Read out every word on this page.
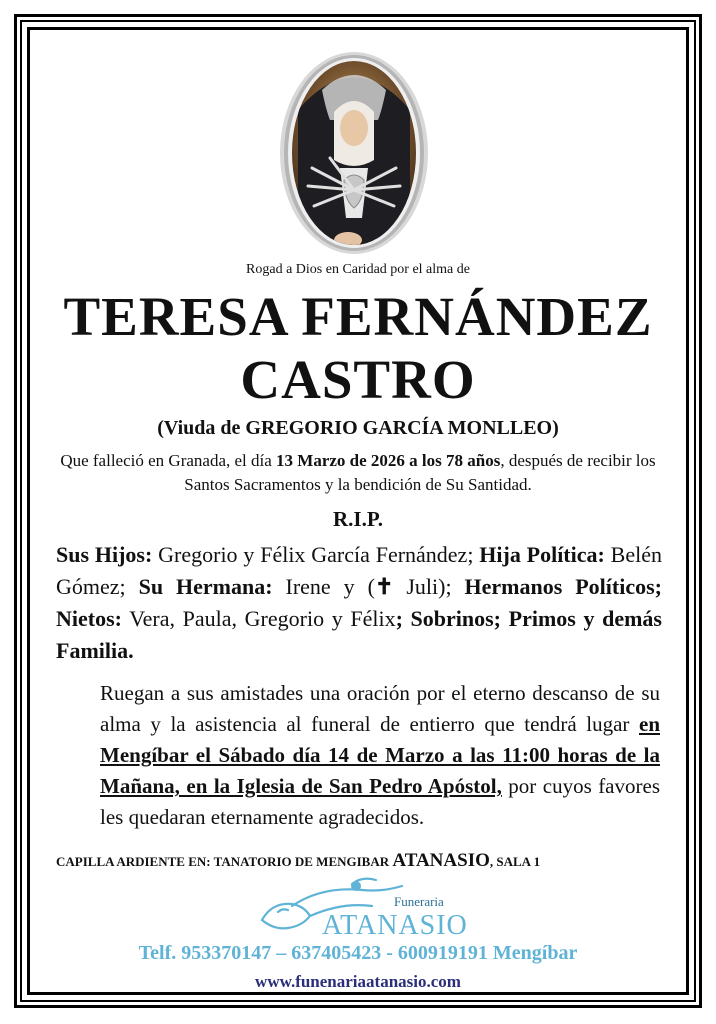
Rogad a Dios en Caridad por el alma de
TERESA FERNÁNDEZ
CASTRO
(Viuda de GREGORIO GARCÍA MONLLEO)
Que falleció en Granada, el día 13 Marzo de 2026 a los 78 años, después de recibir los Santos Sacramentos y la bendición de Su Santidad.
R.I.P.
Sus Hijos: Gregorio y Félix García Fernández; Hija Política: Belén Gómez; Su Hermana: Irene y (✝ Juli); Hermanos Políticos; Nietos: Vera, Paula, Gregorio y Félix; Sobrinos; Primos y demás Familia.
Ruegan a sus amistades una oración por el eterno descanso de su alma y la asistencia al funeral de entierro que tendrá lugar en Mengíbar el Sábado día 14 de Marzo a las 11:00 horas de la Mañana, en la Iglesia de San Pedro Apóstol, por cuyos favores les quedaran eternamente agradecidos.
CAPILLA ARDIENTE EN: TANATORIO DE MENGIBAR ATANASIO, SALA 1
Funeraria
ATANASIO
Telf. 953370147 – 637405423 - 600919191 Mengíbar
www.funenariaatanasio.com
